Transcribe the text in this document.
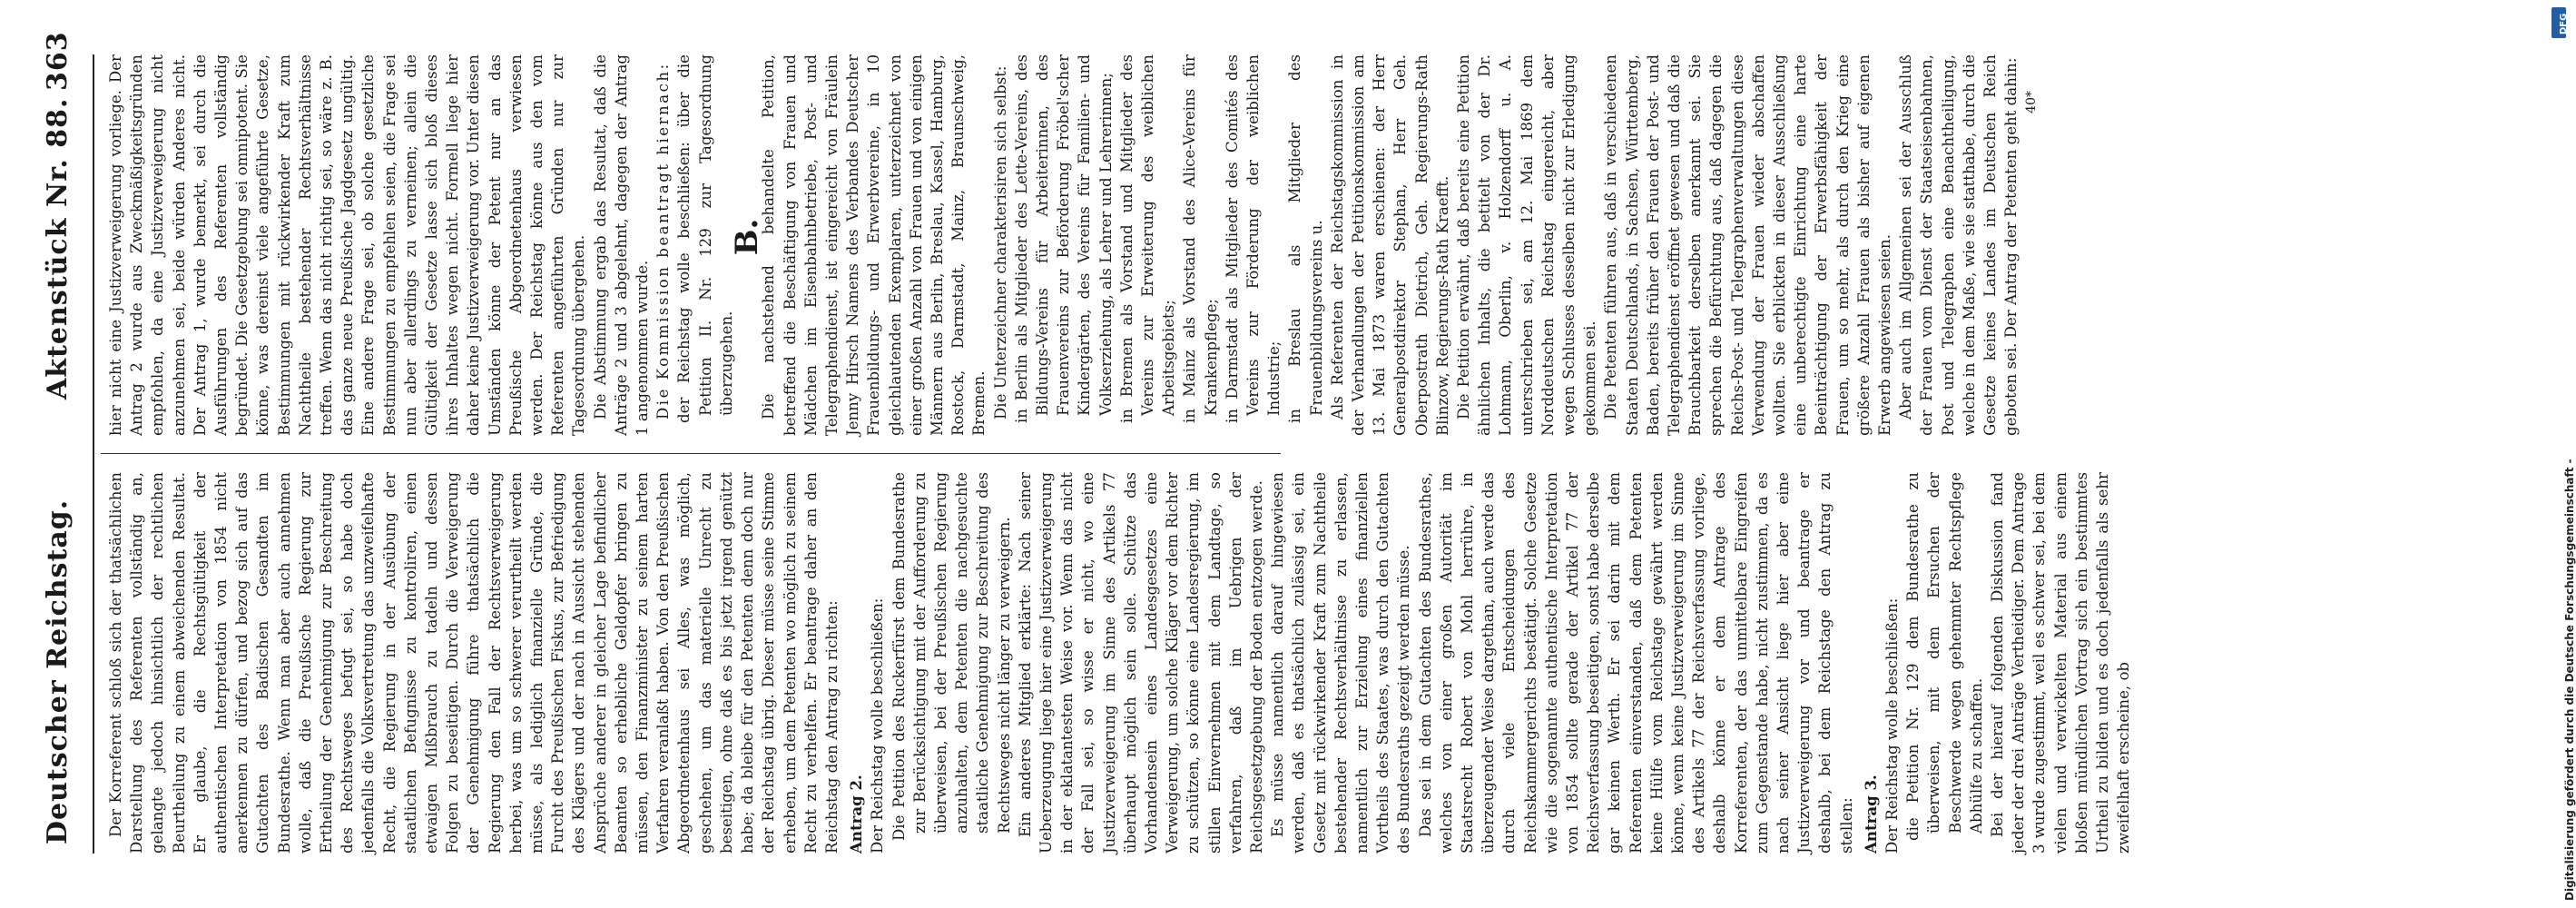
Deutscher Reichstag.
Aktenstück Nr. 88.
363

Der Korreferent schloß sich der thatsächlichen Darstellung des Referenten vollständig an, gelangte jedoch hinsichtlich der rechtlichen Beurtheilung zu einem abweichenden Resultat. Er glaube, die Rechtsgültigkeit der authentischen Interpretation von 1854 nicht anerkennen zu dürfen, und bezog sich auf das Gutachten des Badischen Gesandten im Bundesrathe. Wenn man aber auch annehmen wolle, daß die Preußische Regierung zur Ertheilung der Genehmigung zur Beschreitung des Rechtsweges befugt sei, so habe doch jedenfalls die Volksvertretung das unzweifelhafte Recht, die Regierung in der Ausübung der staatlichen Befugnisse zu kontroliren, einen etwaigen Mißbrauch zu tadeln und dessen Folgen zu beseitigen. Durch die Verweigerung der Genehmigung führe thatsächlich die Regierung den Fall der Rechtsverweigerung herbei, was um so schwerer verurtheilt werden müsse, als lediglich finanzielle Gründe, die Furcht des Preußischen Fiskus, zur Befriedigung des Klägers und der nach in Aussicht stehenden Ansprüche anderer in gleicher Lage befindlicher Beamten so erhebliche Geldopfer bringen zu müssen, den Finanzminister zu seinem harten Verfahren veranlaßt haben. Von den Preußischen Abgeordnetenhaus sei Alles, was möglich, geschehen, um das materielle Unrecht zu beseitigen, ohne daß es bis jetzt irgend genützt habe; da bleibe für den Petenten denn doch nur der Reichstag übrig. Dieser müsse seine Stimme erheben, um dem Petenten wo möglich zu seinem Recht zu verhelfen. Er beantrage daher an den Reichstag den Antrag zu richten: Antrag 2. Der Reichstag wolle beschließen: Die Petition des Ruckerfürst dem Bundesrathe zur Berücksichtigung mit der Aufforderung zu überweisen, bei der Preußischen Regierung anzuhalten, dem Petenten die nachgesuchte staatliche Genehmigung zur Beschreitung des Rechtsweges nicht länger zu verweigern. Ein anderes Mitglied erklärte: Nach seiner Ueberzeugung liege hier eine Justizverweigerung in der eklatantesten Weise vor. Wenn das nicht der Fall sei, so wisse er nicht, wo eine Justizverweigerung im Sinne des Artikels 77 überhaupt möglich sein solle. Schütze das Vorhandensein eines Landesgesetzes eine Verweigerung, um solche Kläger vor dem Richter zu schützen, so könne eine Landesregierung, im stillen Einvernehmen mit dem Landtage, so verfahren, daß im Uebrigen der Reichsgesetzgebung der Boden entzogen werde. Es müsse namentlich darauf hingewiesen werden, daß es thatsächlich zulässig sei, ein Gesetz mit rückwirkender Kraft zum Nachtheile bestehender Rechtsverhältnisse zu erlassen, namentlich zur Erzielung eines finanziellen Vortheils des Staates, was durch den Gutachten des Bundesraths gezeigt werden müsse. Das sei in dem Gutachten des Bundesrathes, welches von einer großen Autorität im Staatsrecht Robert von Mohl herrühre, in überzeugender Weise dargethan, auch werde das durch viele Entscheidungen des Reichskammergerichts bestätigt. Solche Gesetze wie die sogenannte authentische Interpretation von 1854 sollte gerade der Artikel 77 der Reichsverfassung beseitigen, sonst habe derselbe gar keinen Werth. Er sei darin mit dem Referenten einverstanden, daß dem Petenten keine Hülfe vom Reichstage gewährt werden könne, wenn keine Justizverweigerung im Sinne des Artikels 77 der Reichsverfassung vorliege, deshalb könne er dem Antrage des Korreferenten, der das unmittelbare Eingreifen zum Gegenstande habe, nicht zustimmen, da es nach seiner Ansicht liege hier aber eine Justizverweigerung vor und beantrage er deshalb, bei dem Reichstage den Antrag zu stellen: Antrag 3. Der Reichstag wolle beschließen: die Petition Nr. 129 dem Bundesrathe zu überweisen, mit dem Ersuchen der Beschwerde wegen gehemmter Rechtspflege Abhülfe zu schaffen. Bei der hierauf folgenden Diskussion fand jeder der drei Anträge Vertheidiger. Dem Antrage 3 wurde zugestimmt, weil es schwer sei, bei dem vielen und verwickelten Material aus einem bloßen mündlichen Vortrag sich ein bestimmtes Urtheil zu bilden und es doch jedenfalls als sehr zweifelhaft erscheine, ob

hier nicht eine Justizverweigerung vorliege. Der Antrag 2 wurde aus Zweckmäßigkeitsgründen empfohlen, da eine Justizverweigerung nicht anzunehmen sei, beide würden Anderes nicht. Der Antrag 1, wurde bemerkt, sei durch die Ausführungen des Referenten vollständig begründet. Die Gesetzgebung sei omnipotent. Sie könne, was dereinst viele angeführte Gesetze, Bestimmungen mit rückwirkender Kraft zum Nachtheile bestehender Rechtsverhältnisse treffen. Wenn das nicht richtig sei, so wäre z. B. das ganze neue Preußische Jagdgesetz ungültig. Eine andere Frage sei, ob solche gesetzliche Bestimmungen zu empfehlen seien, die Frage sei nun aber allerdings zu verneinen; allein die Gültigkeit der Gesetze lasse sich bloß dieses ihres Inhaltes wegen nicht. Formell liege hier daher keine Justizverweigerung vor. Unter diesen Umständen könne der Petent nur an das Preußische Abgeordnetenhaus verwiesen werden. Der Reichstag könne aus den vom Referenten angeführten Gründen nur zur Tagesordnung übergehen. Die Abstimmung ergab das Resultat, daß die Anträge 2 und 3 abgelehnt, dagegen der Antrag 1 angenommen wurde. Die Kommission beantragt hiernach: der Reichstag wolle beschließen: über die Petition II. Nr. 129 zur Tagesordnung überzugehen.

B.

Die nachstehend behandelte Petition, betreffend die Beschäftigung von Frauen und Mädchen im Eisenbahnbetriebe, Post- und Telegraphendienst, ist eingereicht von Fräulein Jenny Hirsch Namens des Verbandes Deutscher Frauenbildungs- und Erwerbvereine, in 10 gleichlautenden Exemplaren, unterzeichnet von einer großen Anzahl von Frauen und von einigen Männern aus Berlin, Breslau, Kassel, Hamburg, Rostock, Darmstadt, Mainz, Braunschweig, Bremen. Die Unterzeichner charakterisiren sich selbst: in Berlin als Mitglieder des Lette-Vereins, des Bildungs-Vereins für Arbeiterinnen, des Frauenvereins zur Beförderung Fröbel'scher Kindergärten, des Vereins für Familien- und Volkserziehung, als Lehrer und Lehrerinnen; in Bremen als Vorstand und Mitglieder des Vereins zur Erweiterung des weiblichen Arbeitsgebiets; in Mainz als Vorstand des Alice-Vereins für Krankenpflege; in Darmstadt als Mitglieder des Comités des Vereins zur Förderung der weiblichen Industrie; in Breslau als Mitglieder des Frauenbildungsvereins u. Als Referenten der Reichstagskommission in der Verhandlungen der Petitionskommission am 13. Mai 1873 waren erschienen: der Herr Generalpostdirektor Stephan, Herr Geh. Oberpostrath Dietrich, Geh. Regierungs-Rath Blinzow, Regierungs-Rath Kraefft. Die Petition erwähnt, daß bereits eine Petition ähnlichen Inhalts, die betitelt von der Dr. Lohmann, Oberlin, v. Holzendorff u. A. unterschrieben sei, am 12. Mai 1869 dem Norddeutschen Reichstag eingereicht, aber wegen Schlusses desselben nicht zur Erledigung gekommen sei. Die Petenten führen aus, daß in verschiedenen Staaten Deutschlands, in Sachsen, Württemberg, Baden, bereits früher den Frauen der Post- und Telegraphendienst eröffnet gewesen und daß die Brauchbarkeit derselben anerkannt sei. Sie sprechen die Befürchtung aus, daß dagegen die Reichs-Post- und Telegraphenverwaltungen diese Verwendung der Frauen wieder abschaffen wollten. Sie erblickten in dieser Ausschließung eine unberechtigte Einrichtung eine harte Beeinträchtigung der Erwerbsfähigkeit der Frauen, um so mehr, als durch den Krieg eine größere Anzahl Frauen als bisher auf eigenen Erwerb angewiesen seien. Aber auch im Allgemeinen sei der Ausschluß der Frauen vom Dienst der Staatseisenbahnen, Post und Telegraphen eine Benachtheiligung, welche in dem Maße, wie sie statthabe, durch die Gesetze keines Landes im Deutschen Reich geboten sei. Der Antrag der Petenten geht dahin: 40*

Digitalisierung gefördert durch die Deutsche Forschungsgemeinschaft -
DFG
